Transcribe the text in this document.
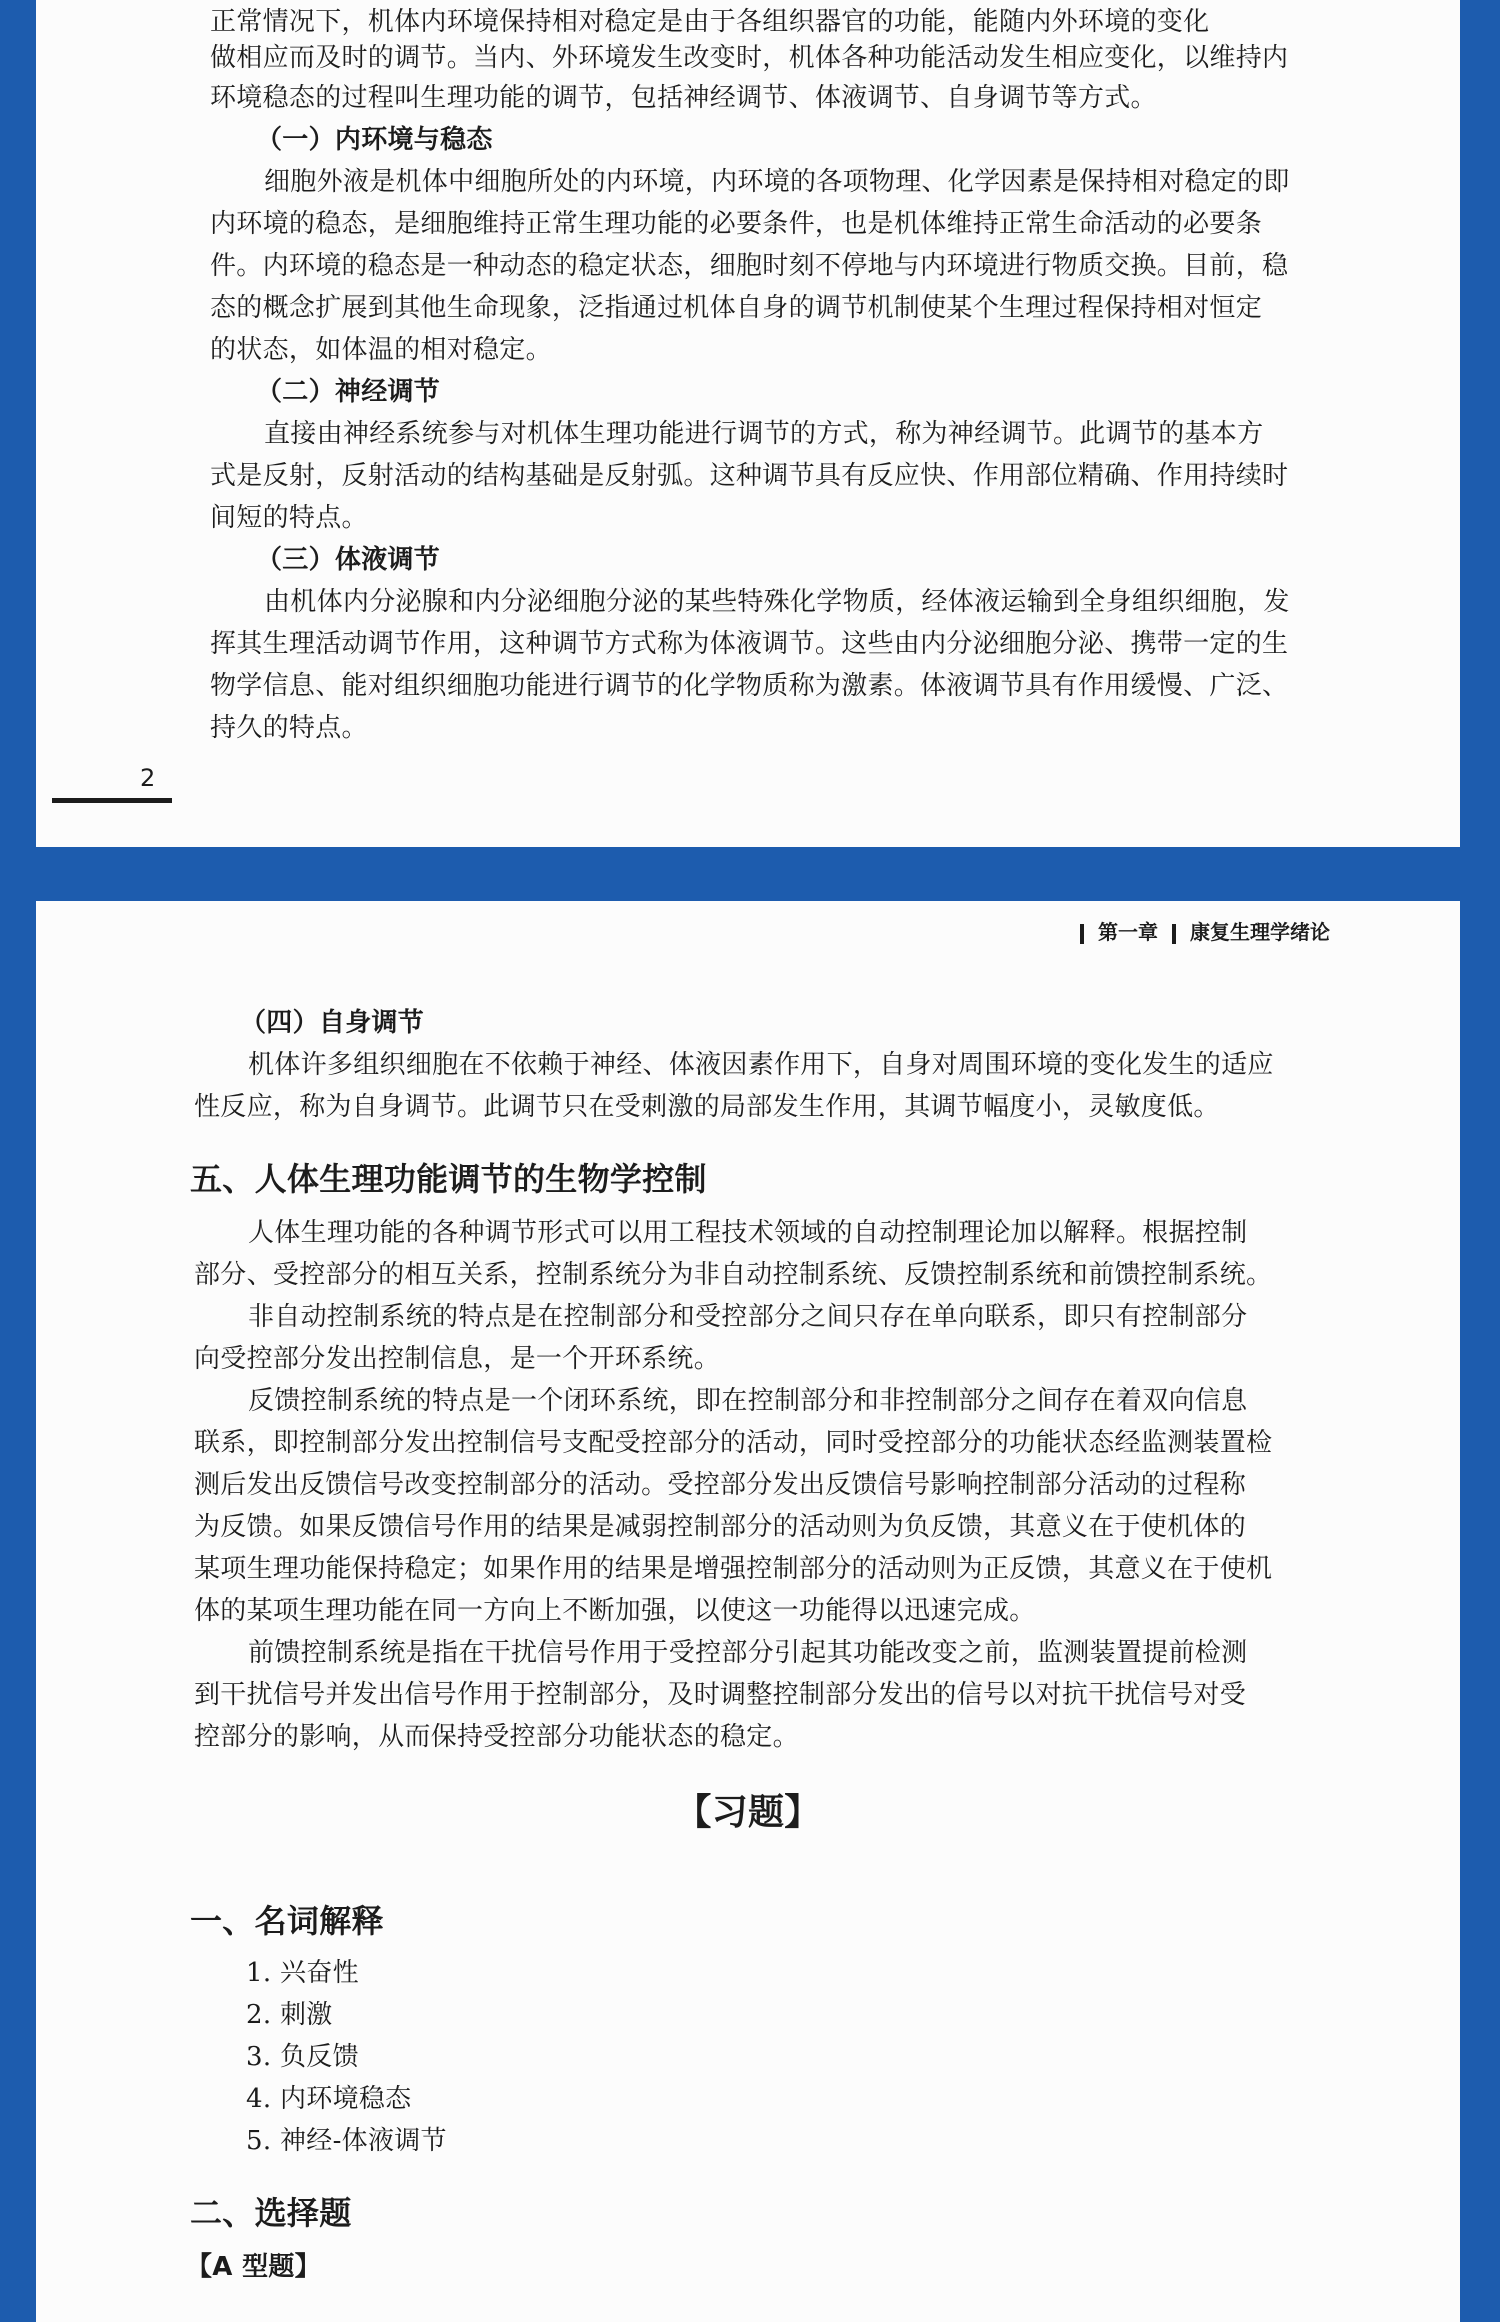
正常情况下，机体内环境保持相对稳定是由于各组织器官的功能，能随内外环境的变化
做相应而及时的调节。当内、外环境发生改变时，机体各种功能活动发生相应变化，以维持内
环境稳态的过程叫生理功能的调节，包括神经调节、体液调节、自身调节等方式。
（一）内环境与稳态
细胞外液是机体中细胞所处的内环境，内环境的各项物理、化学因素是保持相对稳定的即
内环境的稳态，是细胞维持正常生理功能的必要条件，也是机体维持正常生命活动的必要条
件。内环境的稳态是一种动态的稳定状态，细胞时刻不停地与内环境进行物质交换。目前，稳
态的概念扩展到其他生命现象，泛指通过机体自身的调节机制使某个生理过程保持相对恒定
的状态，如体温的相对稳定。
（二）神经调节
直接由神经系统参与对机体生理功能进行调节的方式，称为神经调节。此调节的基本方
式是反射，反射活动的结构基础是反射弧。这种调节具有反应快、作用部位精确、作用持续时
间短的特点。
（三）体液调节
由机体内分泌腺和内分泌细胞分泌的某些特殊化学物质，经体液运输到全身组织细胞，发
挥其生理活动调节作用，这种调节方式称为体液调节。这些由内分泌细胞分泌、携带一定的生
物学信息、能对组织细胞功能进行调节的化学物质称为激素。体液调节具有作用缓慢、广泛、
持久的特点。
2
第一章 康复生理学绪论
（四）自身调节
机体许多组织细胞在不依赖于神经、体液因素作用下，自身对周围环境的变化发生的适应
性反应，称为自身调节。此调节只在受刺激的局部发生作用，其调节幅度小，灵敏度低。
五、人体生理功能调节的生物学控制
人体生理功能的各种调节形式可以用工程技术领域的自动控制理论加以解释。根据控制
部分、受控部分的相互关系，控制系统分为非自动控制系统、反馈控制系统和前馈控制系统。
非自动控制系统的特点是在控制部分和受控部分之间只存在单向联系，即只有控制部分
向受控部分发出控制信息，是一个开环系统。
反馈控制系统的特点是一个闭环系统，即在控制部分和非控制部分之间存在着双向信息
联系，即控制部分发出控制信号支配受控部分的活动，同时受控部分的功能状态经监测装置检
测后发出反馈信号改变控制部分的活动。受控部分发出反馈信号影响控制部分活动的过程称
为反馈。如果反馈信号作用的结果是减弱控制部分的活动则为负反馈，其意义在于使机体的
某项生理功能保持稳定；如果作用的结果是增强控制部分的活动则为正反馈，其意义在于使机
体的某项生理功能在同一方向上不断加强，以使这一功能得以迅速完成。
前馈控制系统是指在干扰信号作用于受控部分引起其功能改变之前，监测装置提前检测
到干扰信号并发出信号作用于控制部分，及时调整控制部分发出的信号以对抗干扰信号对受
控部分的影响，从而保持受控部分功能状态的稳定。
【习题】
一、名词解释
1. 兴奋性
2. 刺激
3. 负反馈
4. 内环境稳态
5. 神经-体液调节
二、选择题
【A 型题】
